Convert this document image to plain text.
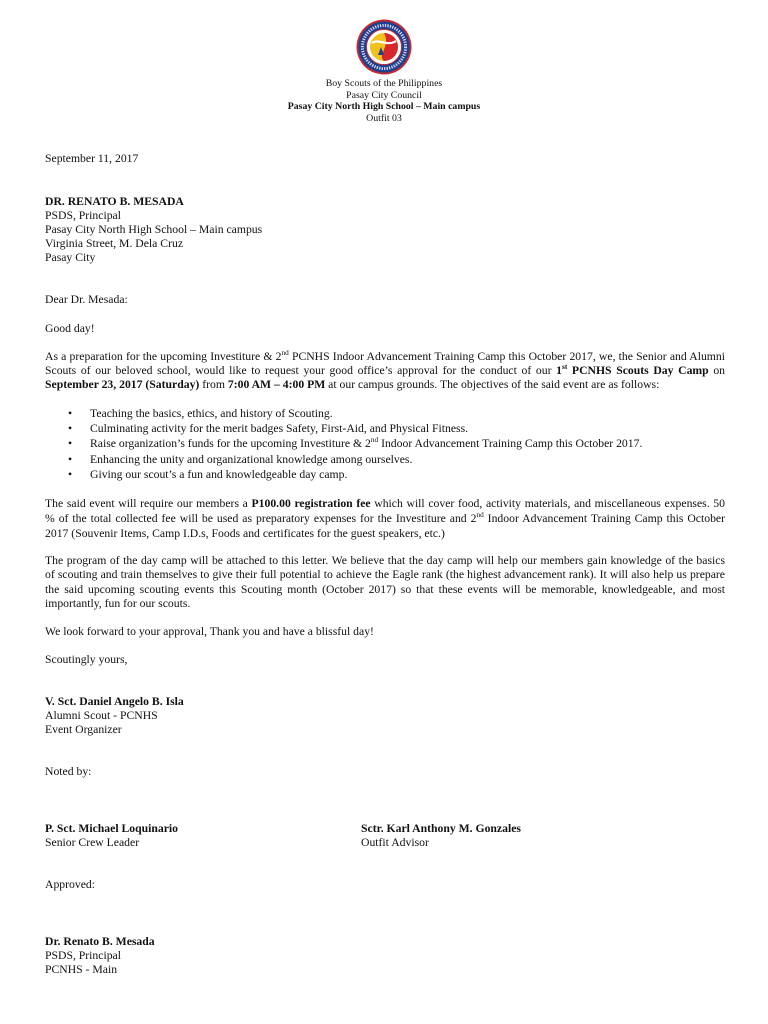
Boy Scouts of the Philippines
Pasay City Council
Pasay City North High School – Main campus
Outfit 03
September 11, 2017
DR. RENATO B. MESADA
PSDS, Principal
Pasay City North High School – Main campus
Virginia Street, M. Dela Cruz
Pasay City
Dear Dr. Mesada:
Good day!
As a preparation for the upcoming Investiture & 2nd PCNHS Indoor Advancement Training Camp this October 2017, we, the Senior and Alumni
Scouts of our beloved school, would like to request your good office’s approval for the conduct of our 1st PCNHS Scouts Day Camp on
September 23, 2017 (Saturday) from 7:00 AM – 4:00 PM at our campus grounds. The objectives of the said event are as follows:
• Teaching the basics, ethics, and history of Scouting.
• Culminating activity for the merit badges Safety, First-Aid, and Physical Fitness.
• Raise organization’s funds for the upcoming Investiture & 2nd Indoor Advancement Training Camp this October 2017.
• Enhancing the unity and organizational knowledge among ourselves.
• Giving our scout’s a fun and knowledgeable day camp.
The said event will require our members a P100.00 registration fee which will cover food, activity materials, and miscellaneous expenses. 50
% of the total collected fee will be used as preparatory expenses for the Investiture and 2nd Indoor Advancement Training Camp this October
2017 (Souvenir Items, Camp I.D.s, Foods and certificates for the guest speakers, etc.)
The program of the day camp will be attached to this letter. We believe that the day camp will help our members gain knowledge of the basics
of scouting and train themselves to give their full potential to achieve the Eagle rank (the highest advancement rank). It will also help us prepare
the said upcoming scouting events this Scouting month (October 2017) so that these events will be memorable, knowledgeable, and most
importantly, fun for our scouts.
We look forward to your approval, Thank you and have a blissful day!
Scoutingly yours,
V. Sct. Daniel Angelo B. Isla
Alumni Scout - PCNHS
Event Organizer
Noted by:
P. Sct. Michael Loquinario
Senior Crew Leader
Sctr. Karl Anthony M. Gonzales
Outfit Advisor
Approved:
Dr. Renato B. Mesada
PSDS, Principal
PCNHS - Main
